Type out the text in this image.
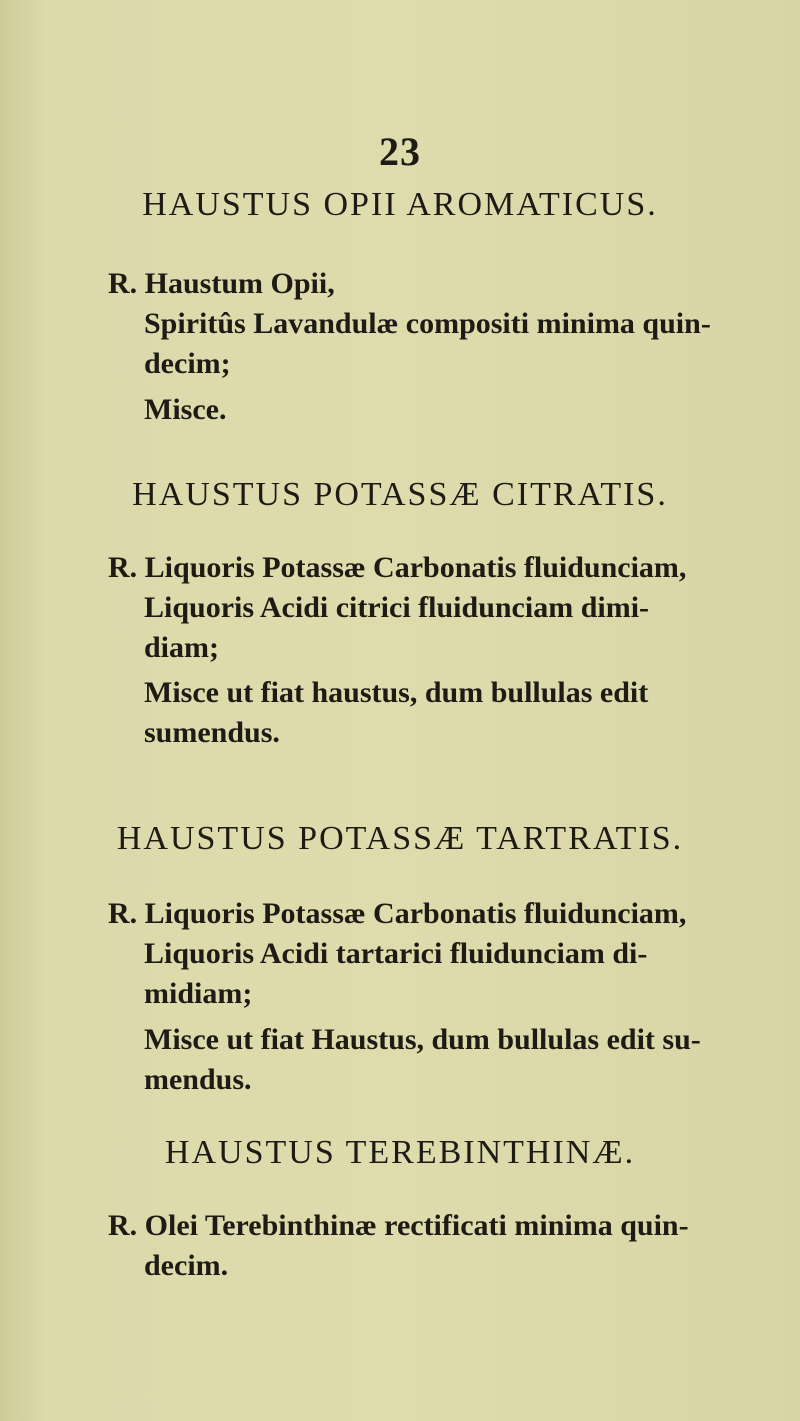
23
HAUSTUS OPII AROMATICUS.
R. Haustum Opii,
Spiritûs Lavandulæ compositi minima quin-
decim;
Misce.
HAUSTUS POTASSÆ CITRATIS.
R. Liquoris Potassæ Carbonatis fluidunciam,
Liquoris Acidi citrici fluidunciam dimi-
diam;
Misce ut fiat haustus, dum bullulas edit
sumendus.
HAUSTUS POTASSÆ TARTRATIS.
R. Liquoris Potassæ Carbonatis fluidunciam,
Liquoris Acidi tartarici fluidunciam di-
midiam;
Misce ut fiat Haustus, dum bullulas edit su-
mendus.
HAUSTUS TEREBINTHINÆ.
R. Olei Terebinthinæ rectificati minima quin-
decim.
